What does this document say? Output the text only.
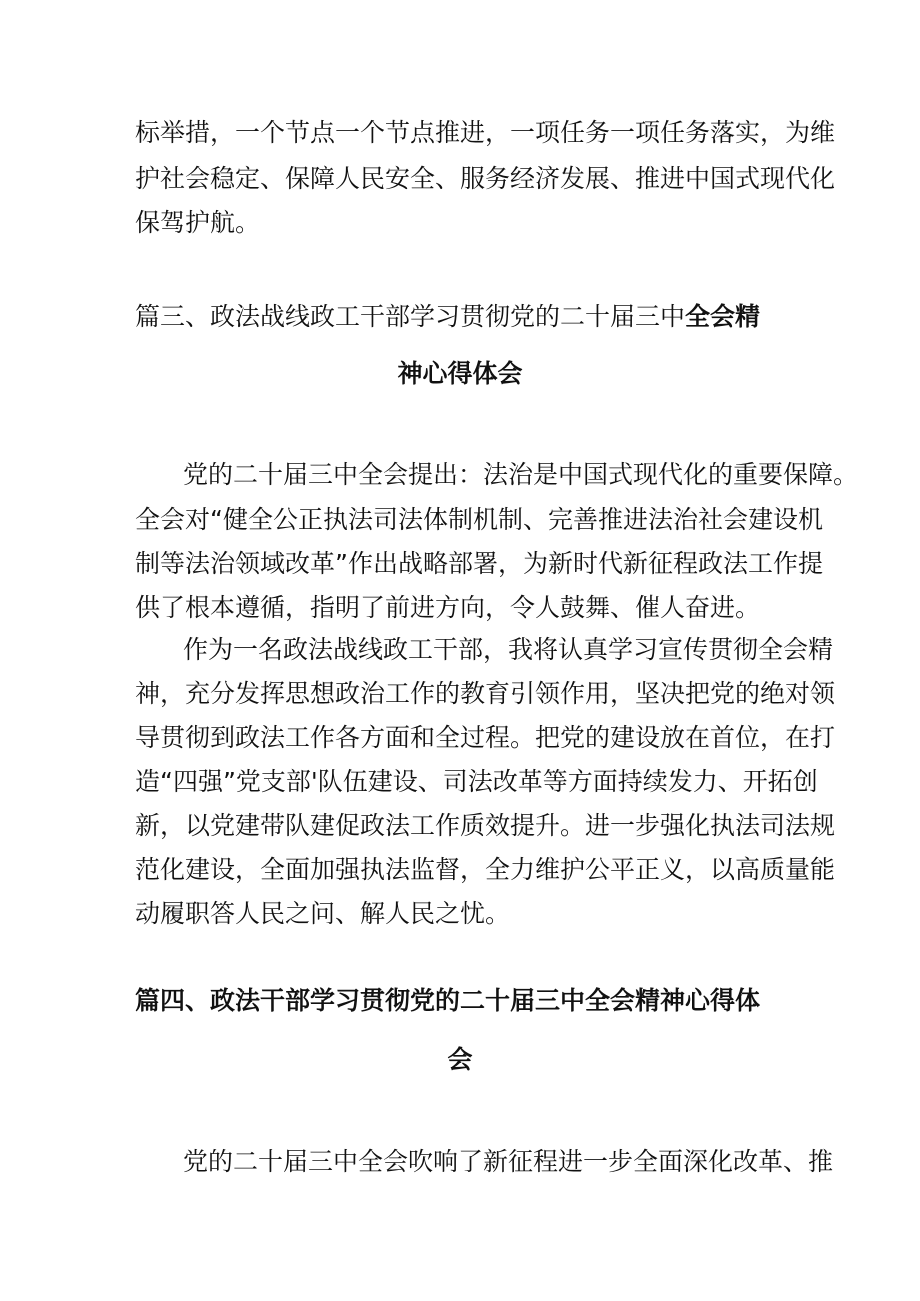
标举措，一个节点一个节点推进，一项任务一项任务落实，为维
护社会稳定、保障人民安全、服务经济发展、推进中国式现代化
保驾护航。
篇三、政法战线政工干部学习贯彻党的二十届三中全会精
神心得体会
党的二十届三中全会提出：法治是中国式现代化的重要保障。
全会对“健全公正执法司法体制机制、完善推进法治社会建设机
制等法治领域改革”作出战略部署，为新时代新征程政法工作提
供了根本遵循，指明了前进方向，令人鼓舞、催人奋进。
作为一名政法战线政工干部，我将认真学习宣传贯彻全会精
神，充分发挥思想政治工作的教育引领作用，坚决把党的绝对领
导贯彻到政法工作各方面和全过程。把党的建设放在首位，在打
造“四强”党支部'队伍建设、司法改革等方面持续发力、开拓创
新，以党建带队建促政法工作质效提升。进一步强化执法司法规
范化建设，全面加强执法监督，全力维护公平正义，以高质量能
动履职答人民之问、解人民之忧。
篇四、政法干部学习贯彻党的二十届三中全会精神心得体
会
党的二十届三中全会吹响了新征程进一步全面深化改革、推
